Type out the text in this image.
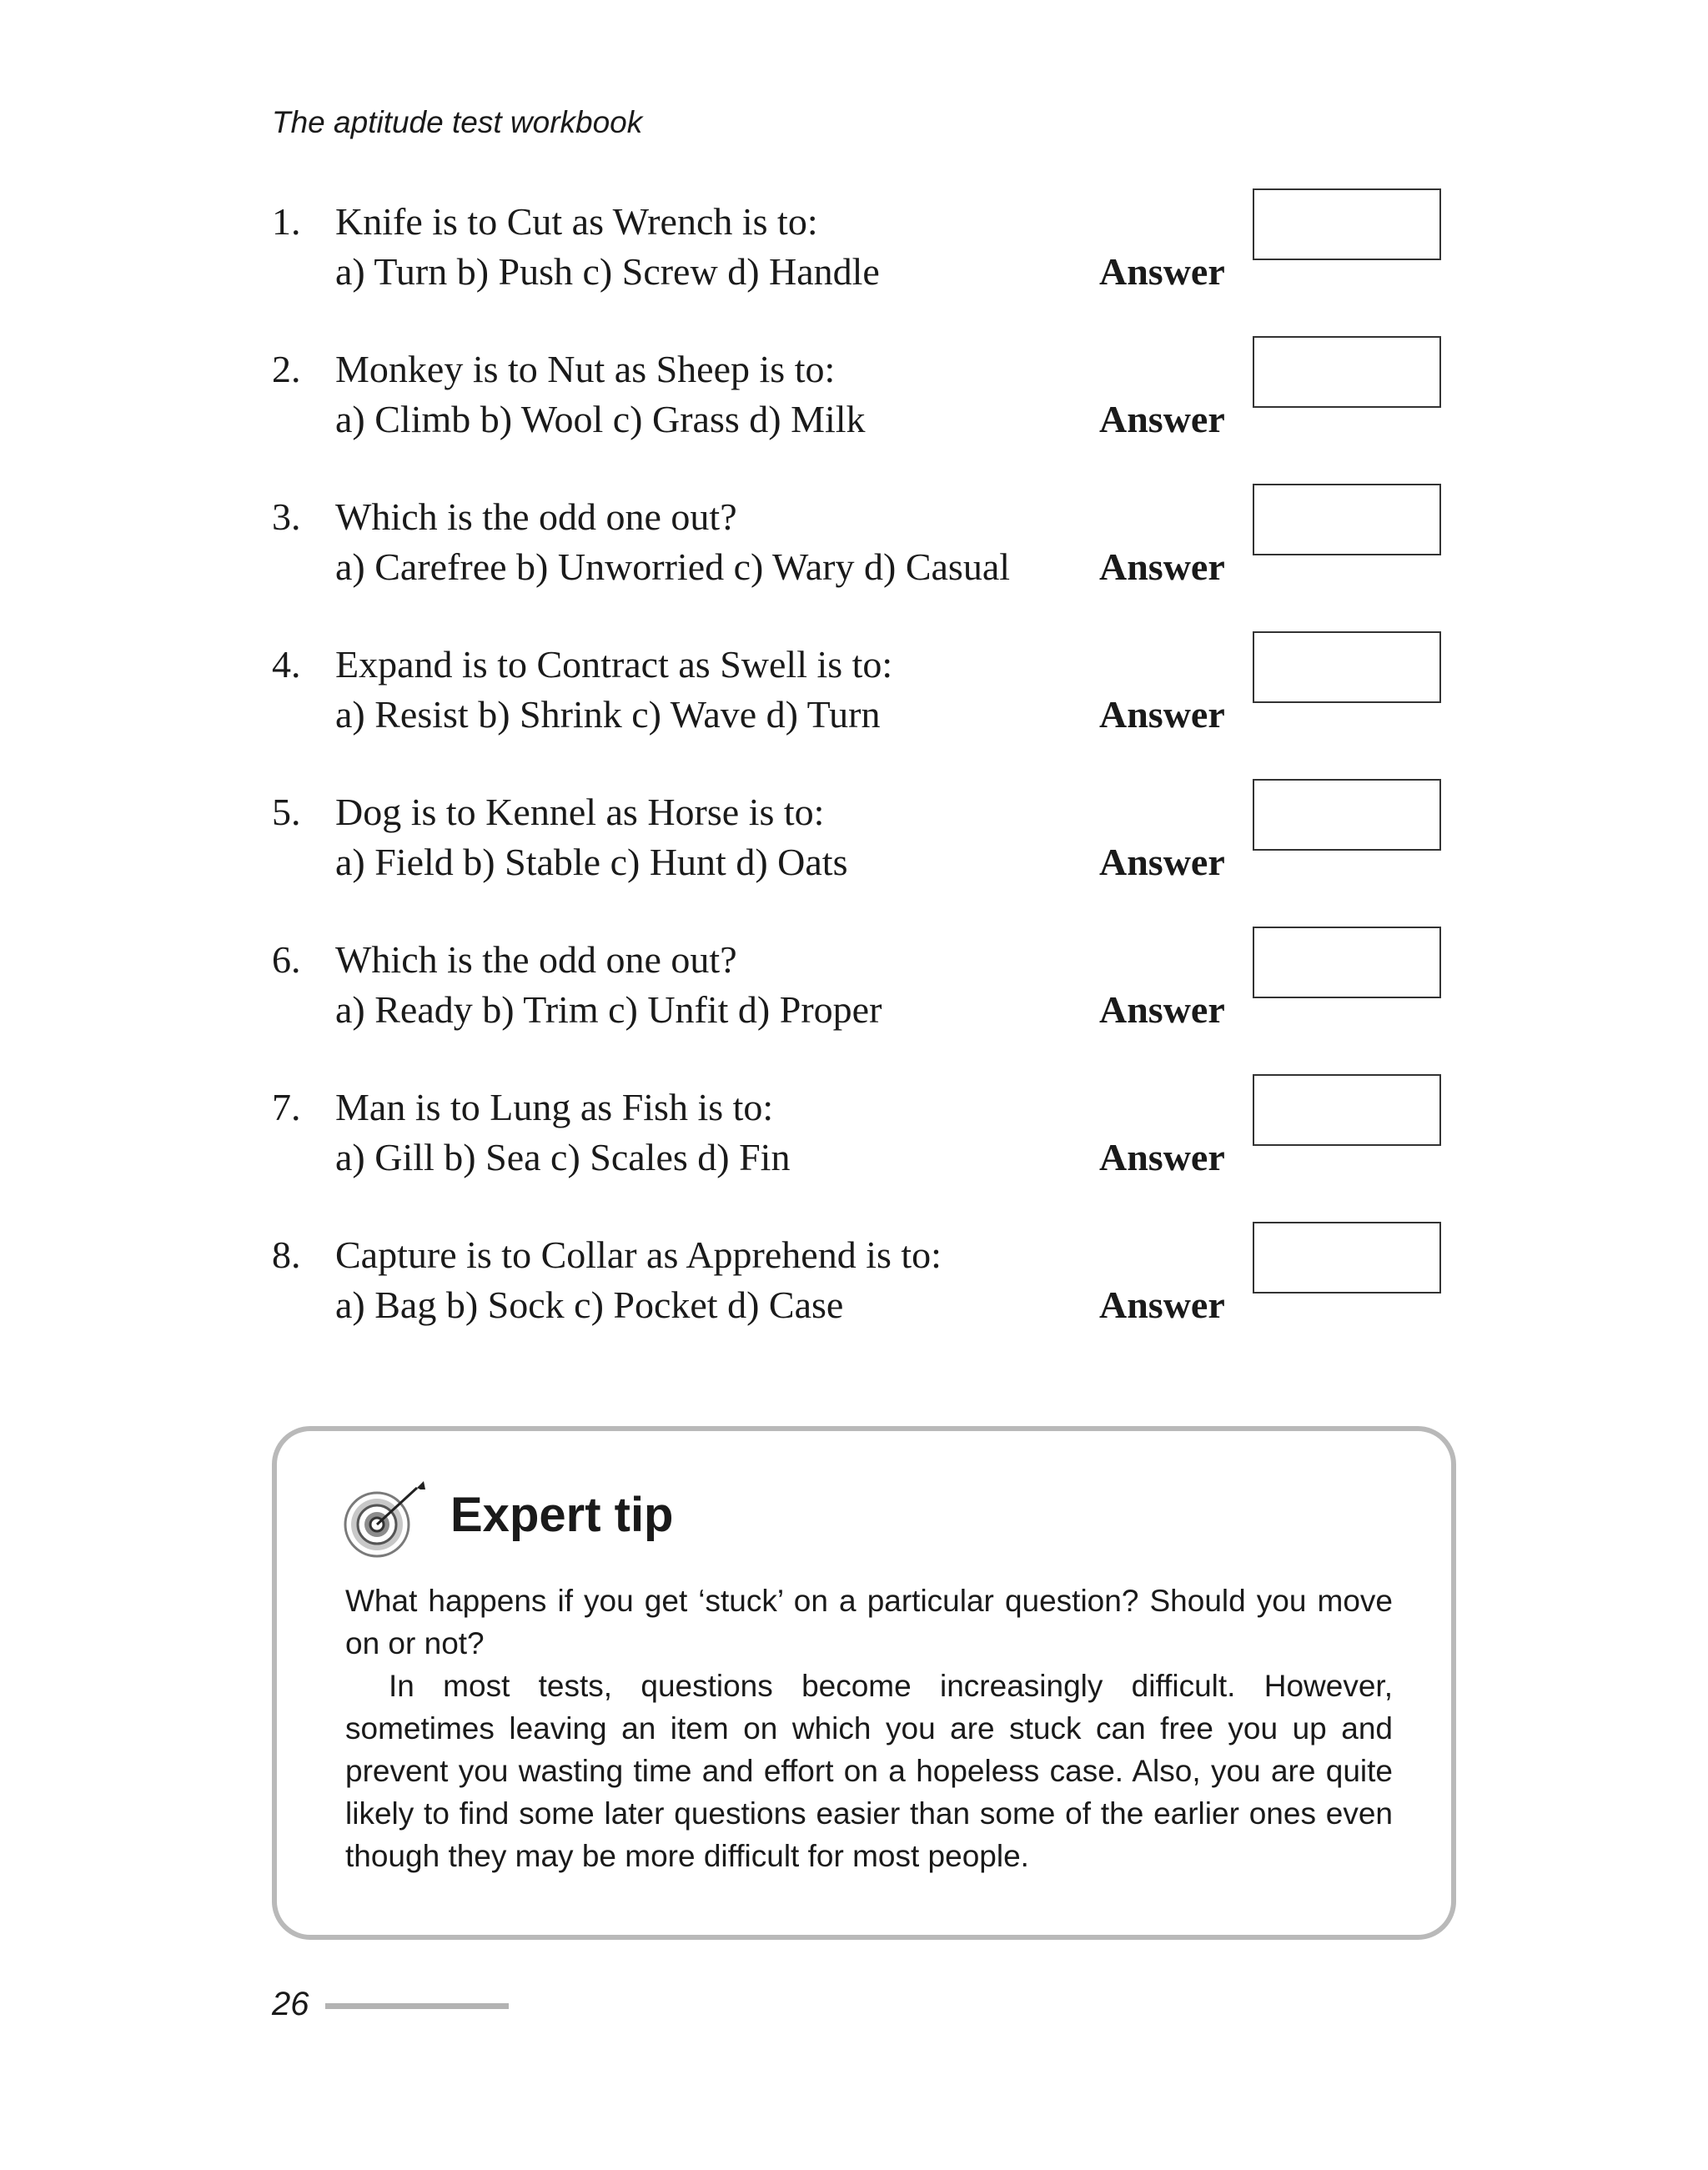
The aptitude test workbook
1. Knife is to Cut as Wrench is to:
a) Turn b) Push c) Screw d) Handle	Answer
2. Monkey is to Nut as Sheep is to:
a) Climb b) Wool c) Grass d) Milk	Answer
3. Which is the odd one out?
a) Carefree b) Unworried c) Wary d) Casual Answer
4. Expand is to Contract as Swell is to:
a) Resist b) Shrink c) Wave d) Turn	Answer
5. Dog is to Kennel as Horse is to:
a) Field b) Stable c) Hunt d) Oats	Answer
6. Which is the odd one out?
a) Ready b) Trim c) Unfit d) Proper	Answer
7. Man is to Lung as Fish is to:
a) Gill b) Sea c) Scales d) Fin	Answer
8. Capture is to Collar as Apprehend is to:
a) Bag b) Sock c) Pocket d) Case	Answer
Expert tip

What happens if you get ‘stuck’ on a particular question? Should you move on or not?

In most tests, questions become increasingly difficult. However, sometimes leaving an item on which you are stuck can free you up and prevent you wasting time and effort on a hopeless case. Also, you are quite likely to find some later questions easier than some of the earlier ones even though they may be more difficult for most people.

26
